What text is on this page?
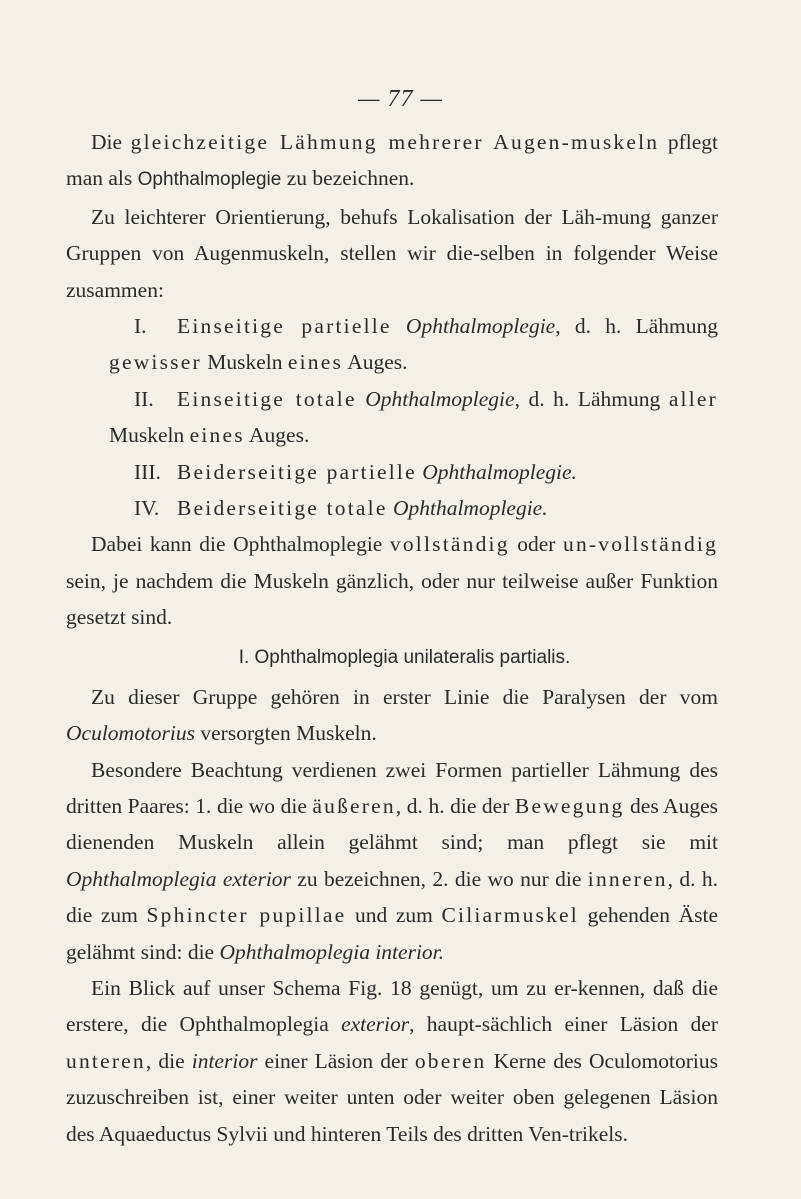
— 77 —

Die gleichzeitige Lähmung mehrerer Augen-muskeln pflegt man als Ophthalmoplegie zu bezeichnen.

Zu leichterer Orientierung, behufs Lokalisation der Läh-mung ganzer Gruppen von Augenmuskeln, stellen wir die-selben in folgender Weise zusammen:

I. Einseitige partielle Ophthalmoplegie, d. h. Lähmung gewisser Muskeln eines Auges.

II. Einseitige totale Ophthalmoplegie, d. h. Lähmung aller Muskeln eines Auges.

III. Beiderseitige partielle Ophthalmoplegie.

IV. Beiderseitige totale Ophthalmoplegie.

Dabei kann die Ophthalmoplegie vollständig oder un-vollständig sein, je nachdem die Muskeln gänzlich, oder nur teilweise außer Funktion gesetzt sind.

I. Ophthalmoplegia unilateralis partialis.

Zu dieser Gruppe gehören in erster Linie die Paralysen der vom Oculomotorius versorgten Muskeln.

Besondere Beachtung verdienen zwei Formen partieller Lähmung des dritten Paares: 1. die wo die äußeren, d. h. die der Bewegung des Auges dienenden Muskeln allein gelähmt sind; man pflegt sie mit Ophthalmoplegia exterior zu bezeichnen, 2. die wo nur die inneren, d. h. die zum Sphincter pupillae und zum Ciliarmuskel gehenden Äste gelähmt sind: die Ophthalmoplegia interior.

Ein Blick auf unser Schema Fig. 18 genügt, um zu er-kennen, daß die erstere, die Ophthalmoplegia exterior, haupt-sächlich einer Läsion der unteren, die interior einer Läsion der oberen Kerne des Oculomotorius zuzuschreiben ist, einer weiter unten oder weiter oben gelegenen Läsion des Aquaeductus Sylvii und hinteren Teils des dritten Ven-trikels.
